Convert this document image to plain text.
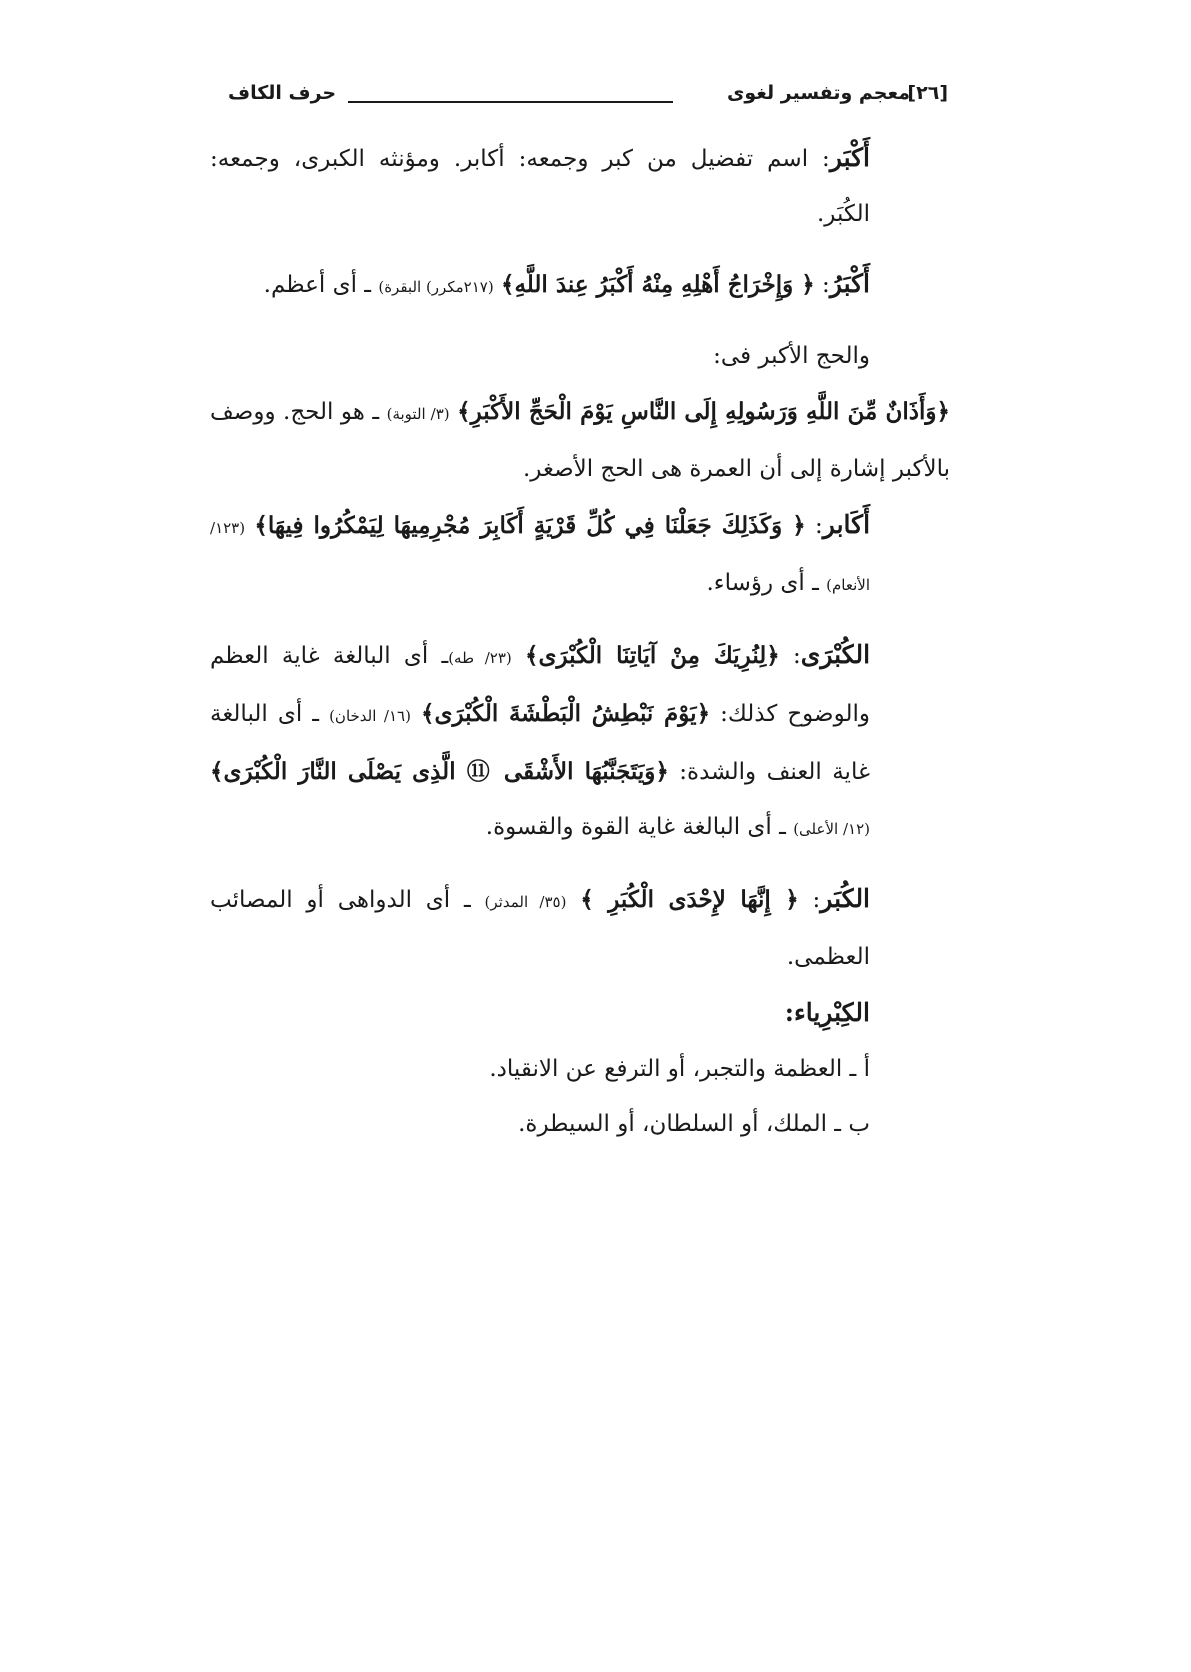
[٢٦]
معجم وتفسير لغوى
حرف الكاف

أَكْبَر: اسم تفضيل من كبر وجمعه: أكابر. ومؤنثه الكبرى، وجمعه: الكُبَر.

أَكْبَرُ: ﴿ وَإِخْرَاجُ أَهْلِهِ مِنْهُ أَكْبَرُ عِندَ اللَّهِ﴾ (٢١٧مكرر) البقرة) ـ أى أعظم.

والحج الأكبر فى:

﴿وَأَذَانٌ مِّنَ اللَّهِ وَرَسُولِهِ إِلَى النَّاسِ يَوْمَ الْحَجِّ الأَكْبَرِ﴾ (٣/ التوبة) ـ هو الحج. ووصف بالأكبر إشارة إلى أن العمرة هى الحج الأصغر.

أَكَابر: ﴿ وَكَذَلِكَ جَعَلْنَا فِي كُلِّ قَرْيَةٍ أَكَابِرَ مُجْرِمِيهَا لِيَمْكُرُوا فِيهَا﴾ (١٢٣/ الأنعام) ـ أى رؤساء.

الكُبْرَى: ﴿لِنُرِيَكَ مِنْ آيَاتِنَا الْكُبْرَى﴾ (٢٣/ طه)ـ أى البالغة غاية العظم والوضوح كذلك: ﴿يَوْمَ نَبْطِشُ الْبَطْشَةَ الْكُبْرَى﴾ (١٦/ الدخان) ـ أى البالغة غاية العنف والشدة: ﴿وَيَتَجَنَّبُهَا الأَشْقَى ⑪ الَّذِى يَصْلَى النَّارَ الْكُبْرَى﴾ (١٢/ الأعلى) ـ أى البالغة غاية القوة والقسوة.

الكُبَر: ﴿ إِنَّهَا لإِحْدَى الْكُبَرِ ﴾ (٣٥/ المدثر) ـ أى الدواهى أو المصائب العظمى.

الكِبْرِياء:

أ ـ العظمة والتجبر، أو الترفع عن الانقياد.

ب ـ الملك، أو السلطان، أو السيطرة.
